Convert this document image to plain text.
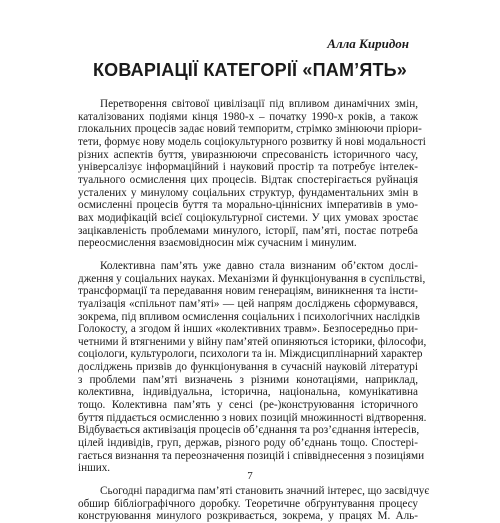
Алла Киридон
КОВАРІАЦІЇ КАТЕГОРІЇ «ПАМ’ЯТЬ»
Перетворення світової цивілізації під впливом динамічних змін,
каталізованих подіями кінця 1980-х – початку 1990-х років, а також
глокальних процесів задає новий темпоритм, стрімко змінюючи пріори-
тети, формує нову модель соціокультурного розвитку й нові модальності
різних аспектів буття, увиразнюючи спресованість історичного часу,
універсалізує інформаційний і науковий простір та потребує інтелек-
туального осмислення цих процесів. Відтак спостерігається руйнація
усталених у минулому соціальних структур, фундаментальних змін в
осмисленні процесів буття та морально-ціннісних імперативів в умо-
вах модифікацій всієї соціокультурної системи. У цих умовах зростає
зацікавленість проблемами минулого, історії, пам’яті, постає потреба
переосмислення взаємовідносин між сучасним і минулим.
Колективна пам’ять уже давно стала визнаним об’єктом дослі-
дження у соціальних науках. Механізми й функціонування в суспільстві,
трансформації та передавання новим генераціям, виникнення та інсти-
туалізація «спільнот пам’яті» — цей напрям досліджень сформувався,
зокрема, під впливом осмислення соціальних і психологічних наслідків
Голокосту, а згодом й інших «колективних травм». Безпосередньо при-
четними й втягненими у війну пам’ятей опиняються історики, філософи,
соціологи, культурологи, психологи та ін. Міждисциплінарний характер
досліджень призвів до функціонування в сучасній науковій літературі
з проблеми пам’яті визначень з різними конотаціями, наприклад,
колективна, індивідуальна, історична, національна, комунікативна
тощо. Колективна пам’ять у сенсі (ре-)конструювання історичного
буття піддається осмисленню з нових позицій множинності відтворення.
Відбувається активізація процесів об’єднання та роз’єднання інтересів,
цілей індивідів, груп, держав, різного роду об’єднань тощо. Спостері-
гається визнання та переозначення позицій і співвіднесення з позиціями
інших.
Сьогодні парадигма пам’яті становить значний інтерес, що засвідчує
обшир бібліографічного доробку. Теоретичне обґрунтування процесу
конструювання минулого розкривається, зокрема, у працях М. Аль-
7
